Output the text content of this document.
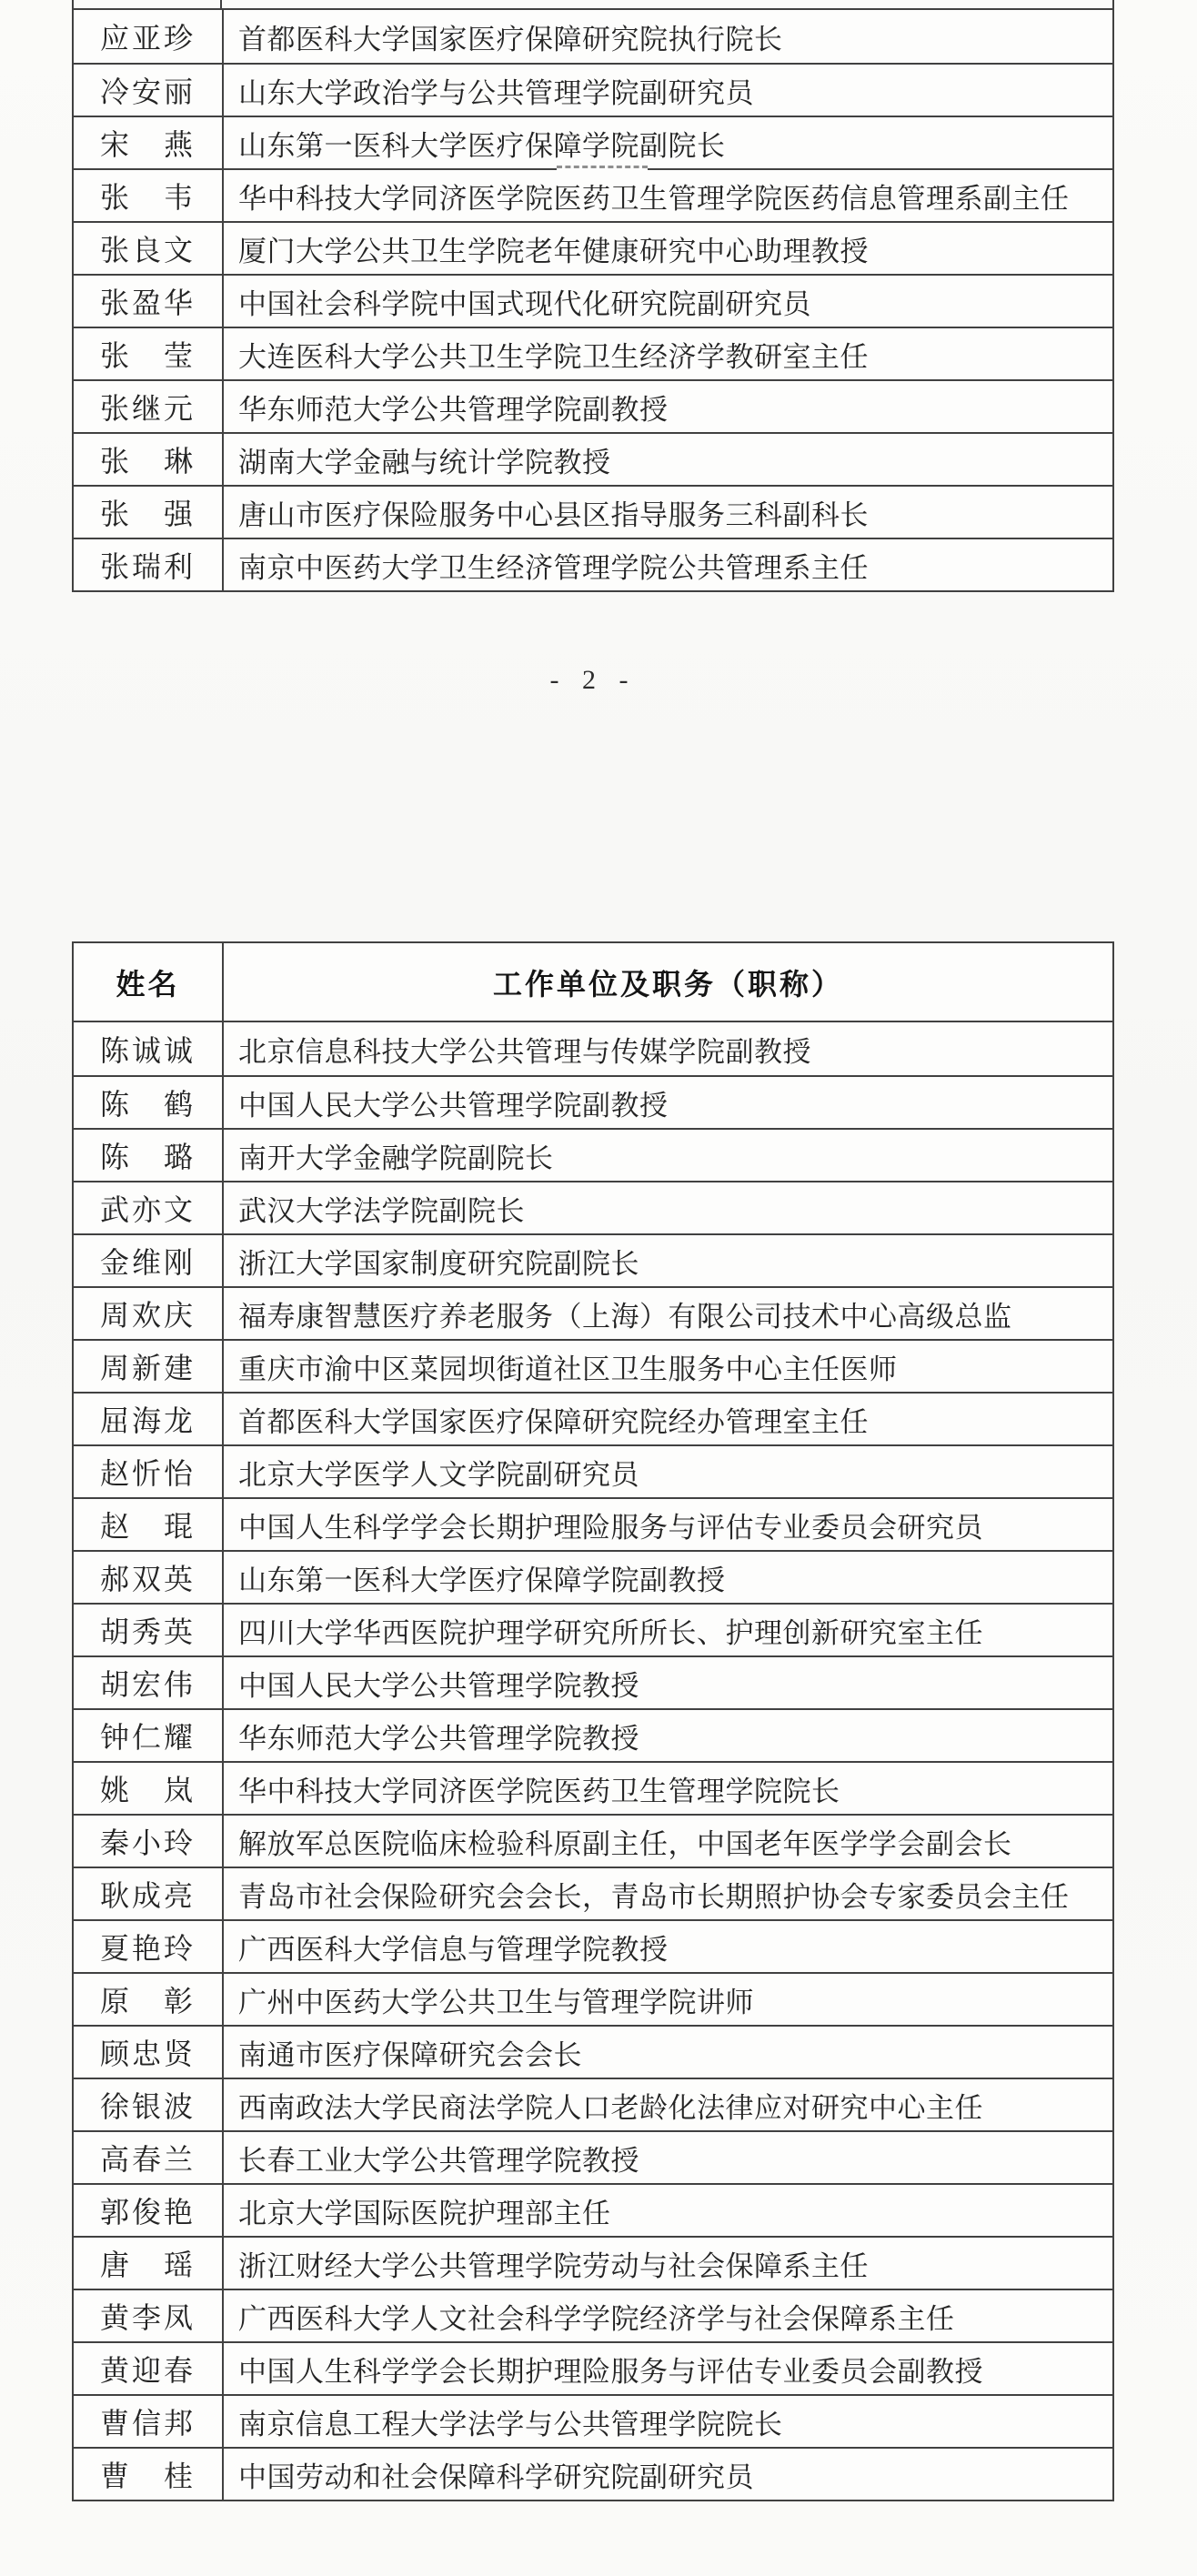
应亚珍	首都医科大学国家医疗保障研究院执行院长
冷安丽	山东大学政治学与公共管理学院副研究员
宋　燕	山东第一医科大学医疗保障学院副院长
张　韦	华中科技大学同济医学院医药卫生管理学院医药信息管理系副主任
张良文	厦门大学公共卫生学院老年健康研究中心助理教授
张盈华	中国社会科学院中国式现代化研究院副研究员
张　莹	大连医科大学公共卫生学院卫生经济学教研室主任
张继元	华东师范大学公共管理学院副教授
张　琳	湖南大学金融与统计学院教授
张　强	唐山市医疗保险服务中心县区指导服务三科副科长
张瑞利	南京中医药大学卫生经济管理学院公共管理系主任
- 2 -
姓名	工作单位及职务（职称）
陈诚诚	北京信息科技大学公共管理与传媒学院副教授
陈　鹤	中国人民大学公共管理学院副教授
陈　璐	南开大学金融学院副院长
武亦文	武汉大学法学院副院长
金维刚	浙江大学国家制度研究院副院长
周欢庆	福寿康智慧医疗养老服务（上海）有限公司技术中心高级总监
周新建	重庆市渝中区菜园坝街道社区卫生服务中心主任医师
屈海龙	首都医科大学国家医疗保障研究院经办管理室主任
赵忻怡	北京大学医学人文学院副研究员
赵　琨	中国人生科学学会长期护理险服务与评估专业委员会研究员
郝双英	山东第一医科大学医疗保障学院副教授
胡秀英	四川大学华西医院护理学研究所所长、护理创新研究室主任
胡宏伟	中国人民大学公共管理学院教授
钟仁耀	华东师范大学公共管理学院教授
姚　岚	华中科技大学同济医学院医药卫生管理学院院长
秦小玲	解放军总医院临床检验科原副主任，中国老年医学学会副会长
耿成亮	青岛市社会保险研究会会长，青岛市长期照护协会专家委员会主任
夏艳玲	广西医科大学信息与管理学院教授
原　彰	广州中医药大学公共卫生与管理学院讲师
顾忠贤	南通市医疗保障研究会会长
徐银波	西南政法大学民商法学院人口老龄化法律应对研究中心主任
高春兰	长春工业大学公共管理学院教授
郭俊艳	北京大学国际医院护理部主任
唐　瑶	浙江财经大学公共管理学院劳动与社会保障系主任
黄李凤	广西医科大学人文社会科学学院经济学与社会保障系主任
黄迎春	中国人生科学学会长期护理险服务与评估专业委员会副教授
曹信邦	南京信息工程大学法学与公共管理学院院长
曹　桂	中国劳动和社会保障科学研究院副研究员
